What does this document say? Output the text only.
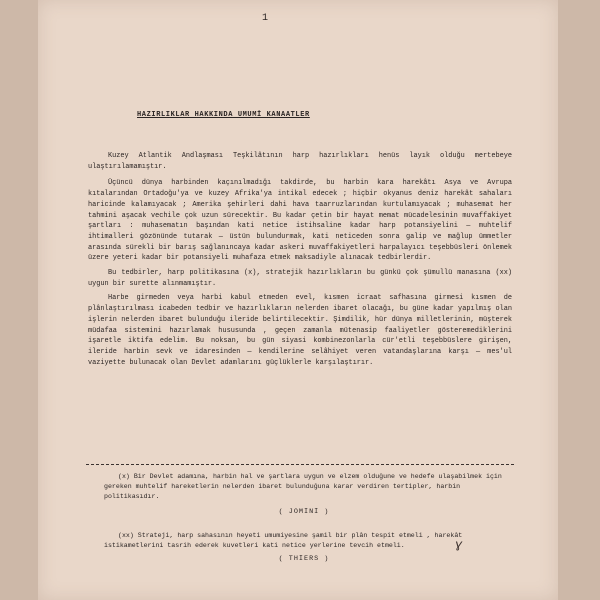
1
HAZIRLIKLAR HAKKINDA UMUMİ KANAATLER

Kuzey Atlantik Andlaşması Teşkilâtının harp hazırlıkları henüs layık olduğu mertebeye ulaştırılamamıştır.

Üçüncü dünya harbinden kaçınılmadığı takdirde, bu harbin kara harekâtı Asya ve Avrupa kıtalarından Ortadoğu'ya ve kuzey Afrika'ya intikal edecek ; hiçbir okyanus deniz harekât sahaları haricinde kalamıyacak ; Amerika şehirleri dahi hava taarruzlarından kurtulamıyacak ; muhasemat her tahmini aşacak vechile çok uzun sürecektir. Bu kadar çetin bir hayat memat mücadelesinin muvaffakiyet şartları : muhasematın başından kati netice istihsaline kadar harp potansiyelini — muhtelif ihtimalleri gözönünde tutarak — üstün bulundurmak, kati neticeden sonra galip ve mağlup ümmetler arasında sürekli bir barış sağlanıncaya kadar askeri muvaffakiyetleri harpalayıcı teşebbüsleri önlemek üzere yeteri kadar bir potansiyeli muhafaza etmek maksadiyle alınacak tedbirlerdir.

Bu tedbirler, harp politikasına (x), stratejik hazırlıkların bu günkü çok şümullü manasına (xx) uygun bir surette alınmamıştır.

Harbe girmeden veya harbi kabul etmeden evel, kısmen icraat safhasına girmesi kısmen de plânlaştırılması icabeden tedbir ve hazırlıkların nelerden ibaret olacağı, bu güne kadar yapılmış olan işlerin nelerden ibaret bulunduğu ileride belirtilecektir. Şimdilik, hür dünya milletlerinin, müşterek müdafaa sistemini hazırlamak hususunda , geçen zamanla mütenasip faaliyetler gösteremediklerini işaretle iktifa edelim. Bu noksan, bu gün siyasi kombinezonlarla cür'etli teşebbüslere girişen, ileride harbin sevk ve idaresinden — kendilerine selâhiyet veren vatandaşlarına karşı — mes'ul vaziyette bulunacak olan Devlet adamlarını güçlüklerle karşılaştırır.

(x) Bir Devlet adamına, harbin hal ve şartlara uygun ve elzem olduğune ve hedefe ulaşabilmek için gereken muhtelif hareketlerin nelerden ibaret bulunduğuna karar verdiren tertipler, harbin politikasıdır.

( JOMİNİ )

(xx) Strateji, harp sahasının heyeti umumiyesine şamil bir plân tespit etmeli , harekât istikametlerini tasrih ederek kuvetleri kati netice yerlerine tevcih etmeli.

( THİERS )
ɣ
